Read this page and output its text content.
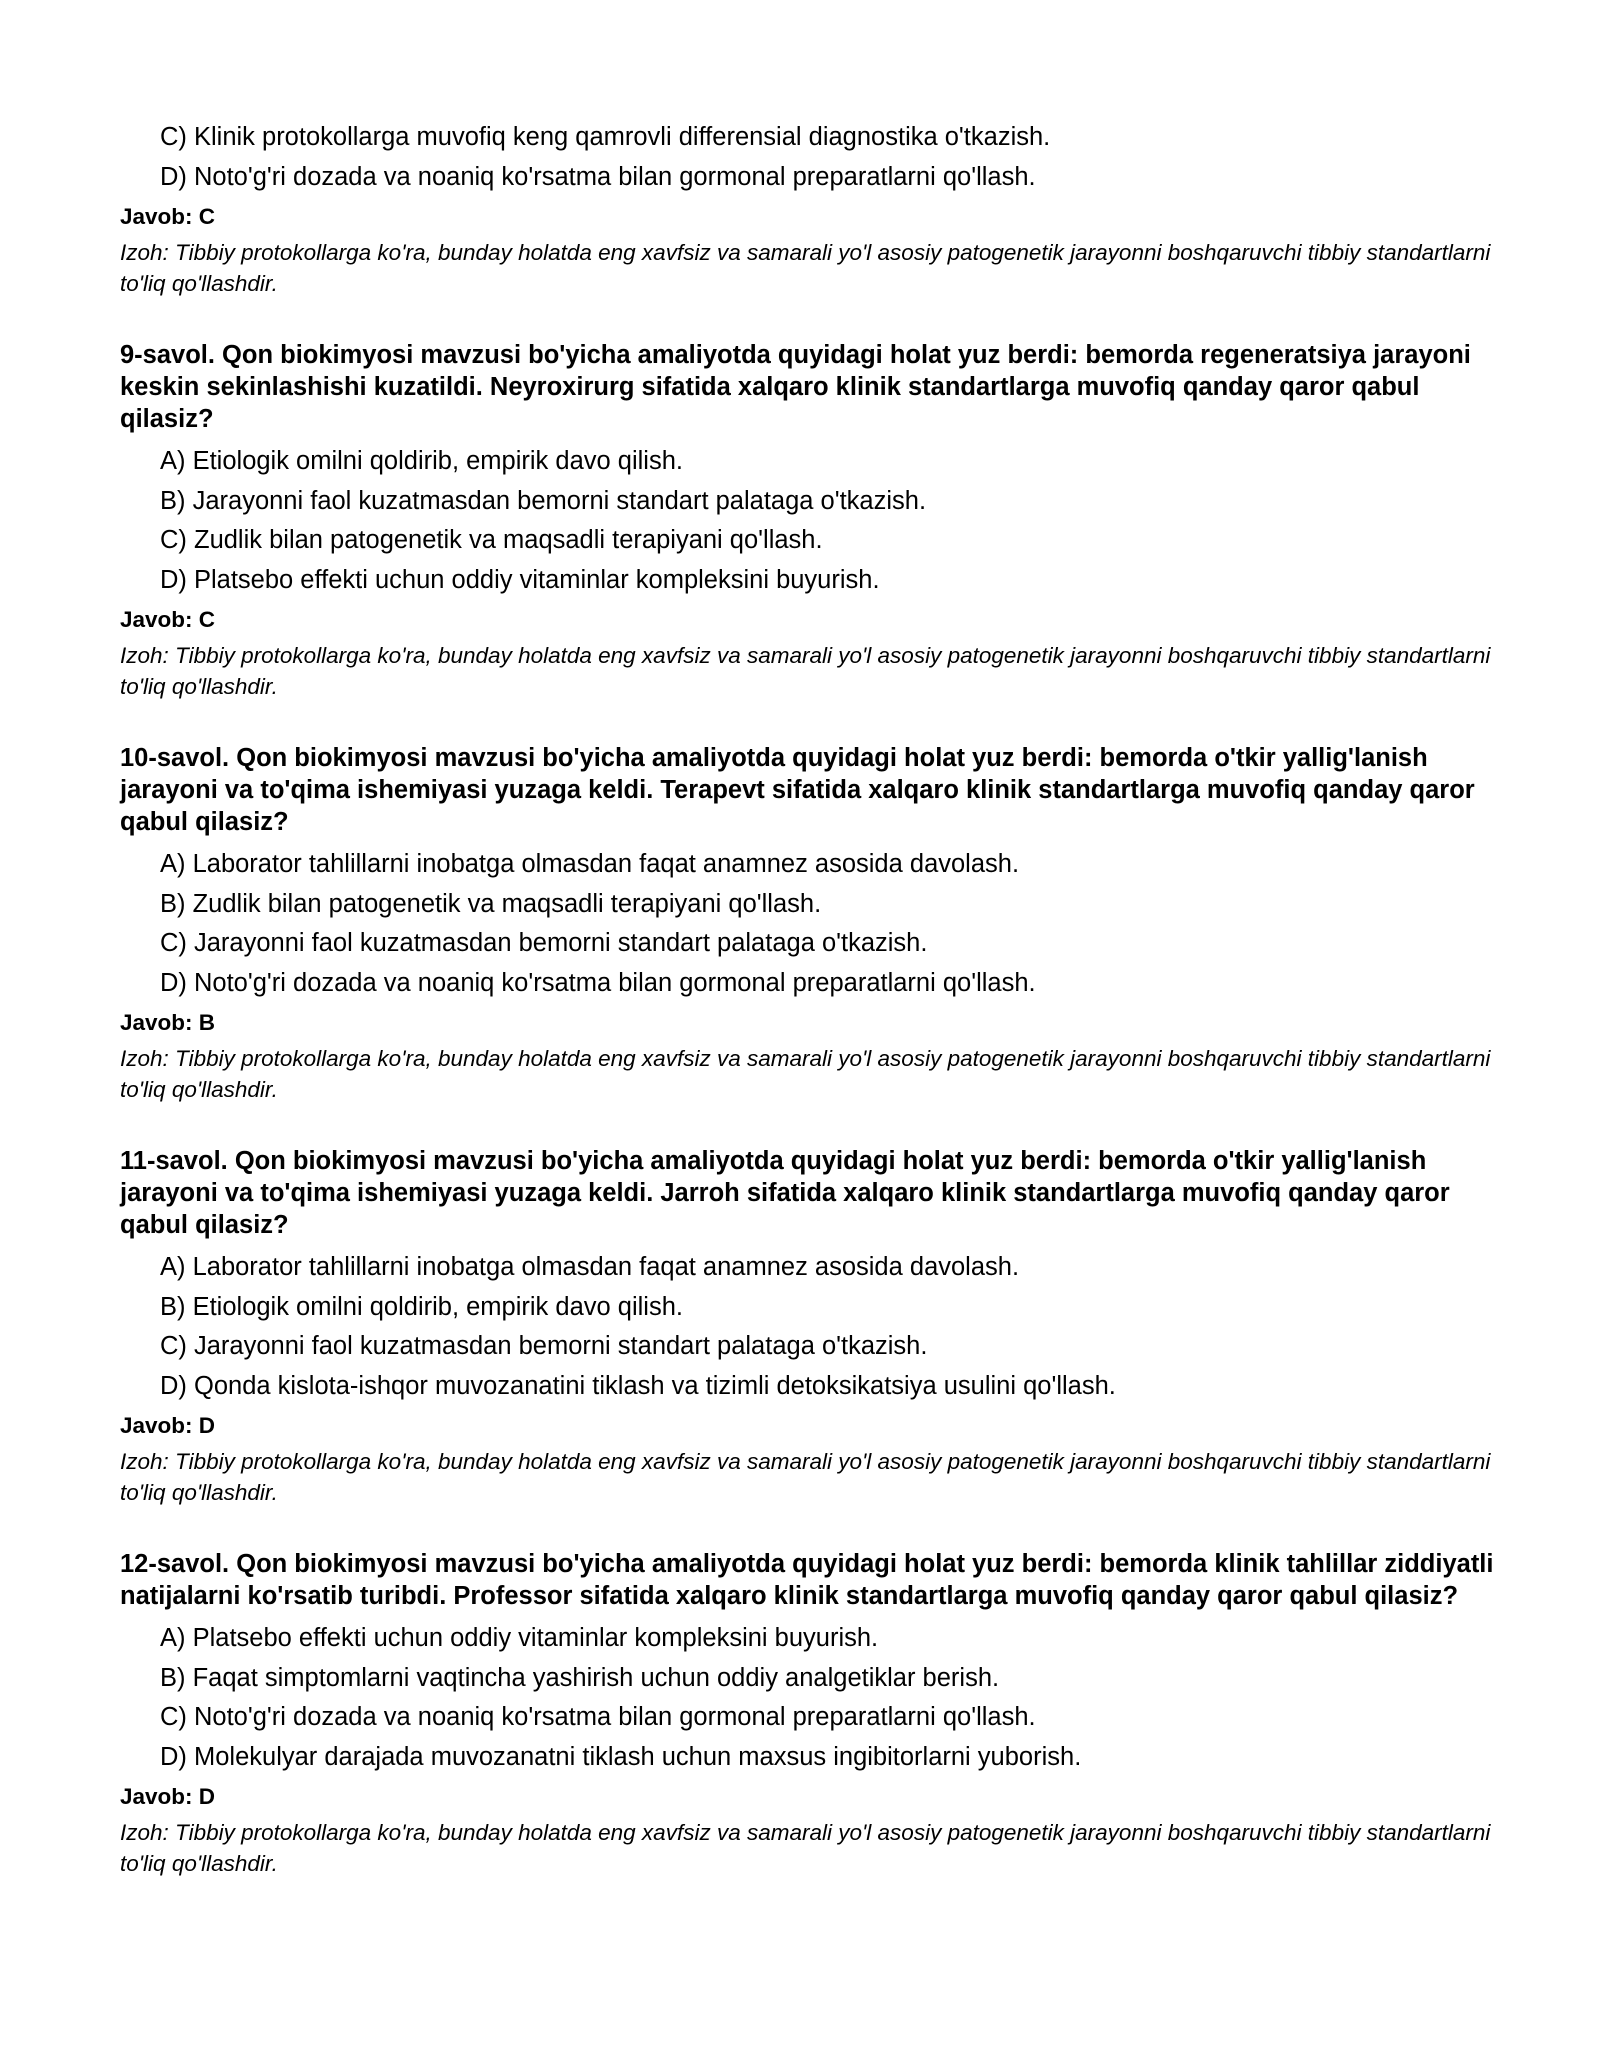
C) Klinik protokollarga muvofiq keng qamrovli differensial diagnostika o'tkazish.
D) Noto'g'ri dozada va noaniq ko'rsatma bilan gormonal preparatlarni qo'llash.
Javob: C
Izoh: Tibbiy protokollarga ko'ra, bunday holatda eng xavfsiz va samarali yo'l asosiy patogenetik jarayonni boshqaruvchi tibbiy standartlarni to'liq qo'llashdir.
9-savol. Qon biokimyosi mavzusi bo'yicha amaliyotda quyidagi holat yuz berdi: bemorda regeneratsiya jarayoni keskin sekinlashishi kuzatildi. Neyroxirurg sifatida xalqaro klinik standartlarga muvofiq qanday qaror qabul qilasiz?
A) Etiologik omilni qoldirib, empirik davo qilish.
B) Jarayonni faol kuzatmasdan bemorni standart palataga o'tkazish.
C) Zudlik bilan patogenetik va maqsadli terapiyani qo'llash.
D) Platsebo effekti uchun oddiy vitaminlar kompleksini buyurish.
Javob: C
Izoh: Tibbiy protokollarga ko'ra, bunday holatda eng xavfsiz va samarali yo'l asosiy patogenetik jarayonni boshqaruvchi tibbiy standartlarni to'liq qo'llashdir.
10-savol. Qon biokimyosi mavzusi bo'yicha amaliyotda quyidagi holat yuz berdi: bemorda o'tkir yallig'lanish jarayoni va to'qima ishemiyasi yuzaga keldi. Terapevt sifatida xalqaro klinik standartlarga muvofiq qanday qaror qabul qilasiz?
A) Laborator tahlillarni inobatga olmasdan faqat anamnez asosida davolash.
B) Zudlik bilan patogenetik va maqsadli terapiyani qo'llash.
C) Jarayonni faol kuzatmasdan bemorni standart palataga o'tkazish.
D) Noto'g'ri dozada va noaniq ko'rsatma bilan gormonal preparatlarni qo'llash.
Javob: B
Izoh: Tibbiy protokollarga ko'ra, bunday holatda eng xavfsiz va samarali yo'l asosiy patogenetik jarayonni boshqaruvchi tibbiy standartlarni to'liq qo'llashdir.
11-savol. Qon biokimyosi mavzusi bo'yicha amaliyotda quyidagi holat yuz berdi: bemorda o'tkir yallig'lanish jarayoni va to'qima ishemiyasi yuzaga keldi. Jarroh sifatida xalqaro klinik standartlarga muvofiq qanday qaror qabul qilasiz?
A) Laborator tahlillarni inobatga olmasdan faqat anamnez asosida davolash.
B) Etiologik omilni qoldirib, empirik davo qilish.
C) Jarayonni faol kuzatmasdan bemorni standart palataga o'tkazish.
D) Qonda kislota-ishqor muvozanatini tiklash va tizimli detoksikatsiya usulini qo'llash.
Javob: D
Izoh: Tibbiy protokollarga ko'ra, bunday holatda eng xavfsiz va samarali yo'l asosiy patogenetik jarayonni boshqaruvchi tibbiy standartlarni to'liq qo'llashdir.
12-savol. Qon biokimyosi mavzusi bo'yicha amaliyotda quyidagi holat yuz berdi: bemorda klinik tahlillar ziddiyatli natijalarni ko'rsatib turibdi. Professor sifatida xalqaro klinik standartlarga muvofiq qanday qaror qabul qilasiz?
A) Platsebo effekti uchun oddiy vitaminlar kompleksini buyurish.
B) Faqat simptomlarni vaqtincha yashirish uchun oddiy analgetiklar berish.
C) Noto'g'ri dozada va noaniq ko'rsatma bilan gormonal preparatlarni qo'llash.
D) Molekulyar darajada muvozanatni tiklash uchun maxsus ingibitorlarni yuborish.
Javob: D
Izoh: Tibbiy protokollarga ko'ra, bunday holatda eng xavfsiz va samarali yo'l asosiy patogenetik jarayonni boshqaruvchi tibbiy standartlarni to'liq qo'llashdir.
